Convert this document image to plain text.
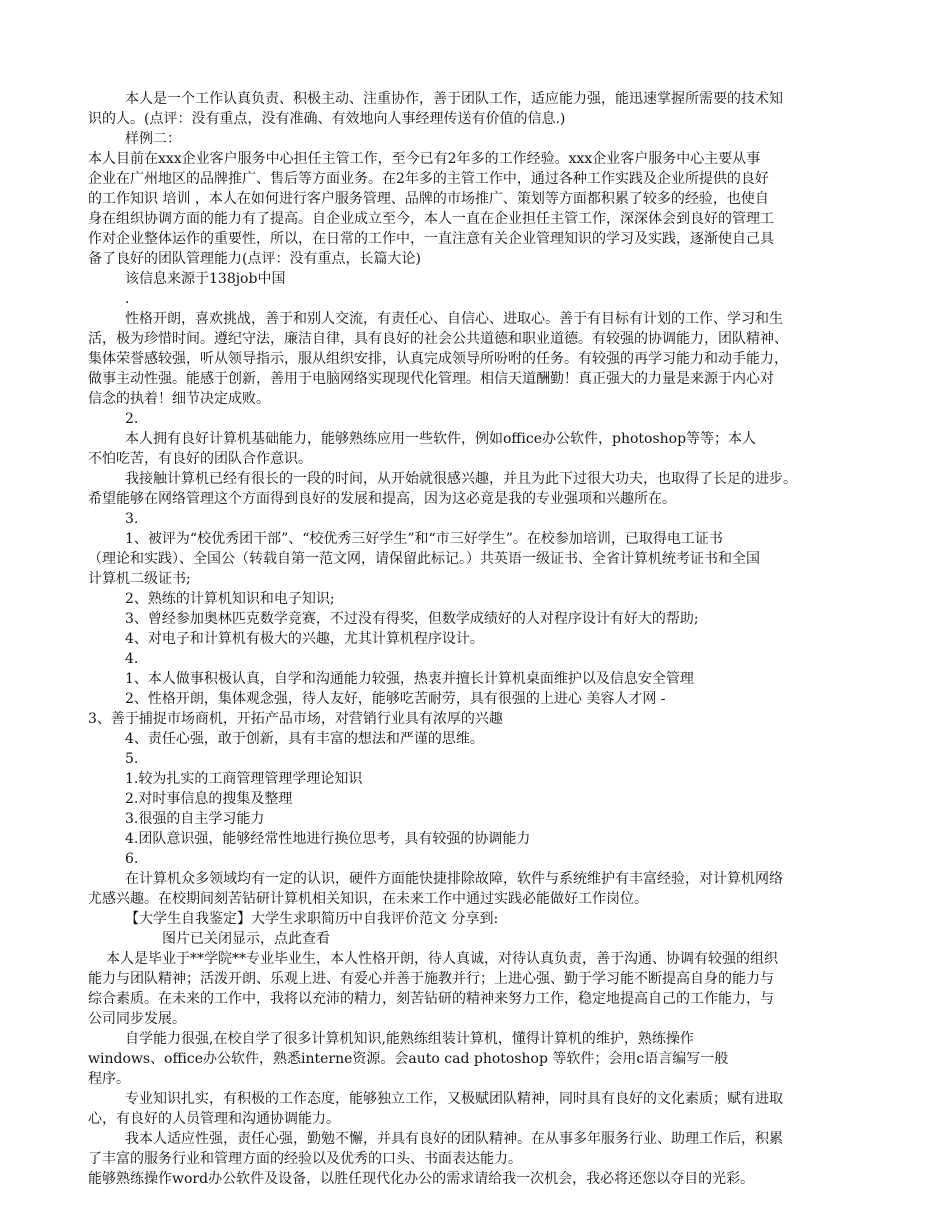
本人是一个工作认真负责、积极主动、注重协作，善于团队工作，适应能力强，能迅速掌握所需要的技术知
识的人。(点评：没有重点，没有准确、有效地向人事经理传送有价值的信息.)
样例二：
本人目前在xxx企业客户服务中心担任主管工作，至今已有2年多的工作经验。xxx企业客户服务中心主要从事
企业在广州地区的品牌推广、售后等方面业务。在2年多的主管工作中，通过各种工作实践及企业所提供的良好
的工作知识 培训 ，本人在如何进行客户服务管理、品牌的市场推广、策划等方面都积累了较多的经验，也使自
身在组织协调方面的能力有了提高。自企业成立至今，本人一直在企业担任主管工作，深深体会到良好的管理工
作对企业整体运作的重要性，所以，在日常的工作中，一直注意有关企业管理知识的学习及实践，逐渐使自己具
备了良好的团队管理能力(点评：没有重点，长篇大论)
该信息来源于138job中国
.
性格开朗，喜欢挑战，善于和别人交流，有责任心、自信心、进取心。善于有目标有计划的工作、学习和生
活，极为珍惜时间。遵纪守法，廉洁自律，具有良好的社会公共道德和职业道德。有较强的协调能力，团队精神、
集体荣誉感较强，听从领导指示，服从组织安排，认真完成领导所吩咐的任务。有较强的再学习能力和动手能力，
做事主动性强。能感于创新，善用于电脑网络实现现代化管理。相信天道酬勤！真正强大的力量是来源于内心对
信念的执着！细节决定成败。
2.
本人拥有良好计算机基础能力，能够熟练应用一些软件，例如office办公软件，photoshop等等；本人
不怕吃苦，有良好的团队合作意识。
我接触计算机已经有很长的一段的时间，从开始就很感兴趣，并且为此下过很大功夫，也取得了长足的进步。
希望能够在网络管理这个方面得到良好的发展和提高，因为这必竟是我的专业强项和兴趣所在。
3.
1、被评为“校优秀团干部”、“校优秀三好学生”和“市三好学生”。在校参加培训，已取得电工证书
（理论和实践）、全国公（转载自第一范文网，请保留此标记。）共英语一级证书、全省计算机统考证书和全国
计算机二级证书;
2、熟练的计算机知识和电子知识;
3、曾经参加奥林匹克数学竞赛，不过没有得奖，但数学成绩好的人对程序设计有好大的帮助;
4、对电子和计算机有极大的兴趣，尤其计算机程序设计。
4.
1、本人做事积极认真，自学和沟通能力较强，热衷并擅长计算机桌面维护以及信息安全管理
2、性格开朗，集体观念强，待人友好，能够吃苦耐劳，具有很强的上进心 美容人才网 -
3、善于捕捉市场商机，开拓产品市场，对营销行业具有浓厚的兴趣
4、责任心强，敢于创新，具有丰富的想法和严谨的思维。
5.
1.较为扎实的工商管理管理学理论知识
2.对时事信息的搜集及整理
3.很强的自主学习能力
4.团队意识强，能够经常性地进行换位思考，具有较强的协调能力
6.
在计算机众多领域均有一定的认识，硬件方面能快捷排除故障，软件与系统维护有丰富经验，对计算机网络
尤感兴趣。在校期间刻苦钻研计算机相关知识，在未来工作中通过实践必能做好工作岗位。
【大学生自我鉴定】大学生求职简历中自我评价范文 分享到:
图片已关闭显示，点此查看
本人是毕业于**学院**专业毕业生，本人性格开朗，待人真诚，对待认真负责，善于沟通、协调有较强的组织
能力与团队精神；活泼开朗、乐观上进、有爱心并善于施教并行；上进心强、勤于学习能不断提高自身的能力与
综合素质。在未来的工作中，我将以充沛的精力，刻苦钻研的精神来努力工作，稳定地提高自己的工作能力，与
公司同步发展。
自学能力很强,在校自学了很多计算机知识,能熟练组装计算机，懂得计算机的维护，熟练操作
windows、office办公软件，熟悉interne资源。会auto cad photoshop 等软件；会用c语言编写一般
程序。
专业知识扎实，有积极的工作态度，能够独立工作，又极赋团队精神，同时具有良好的文化素质；赋有进取
心，有良好的人员管理和沟通协调能力。
我本人适应性强，责任心强，勤勉不懈，并具有良好的团队精神。在从事多年服务行业、助理工作后，积累
了丰富的服务行业和管理方面的经验以及优秀的口头、书面表达能力。
能够熟练操作word办公软件及设备，以胜任现代化办公的需求请给我一次机会，我必将还您以夺目的光彩。
